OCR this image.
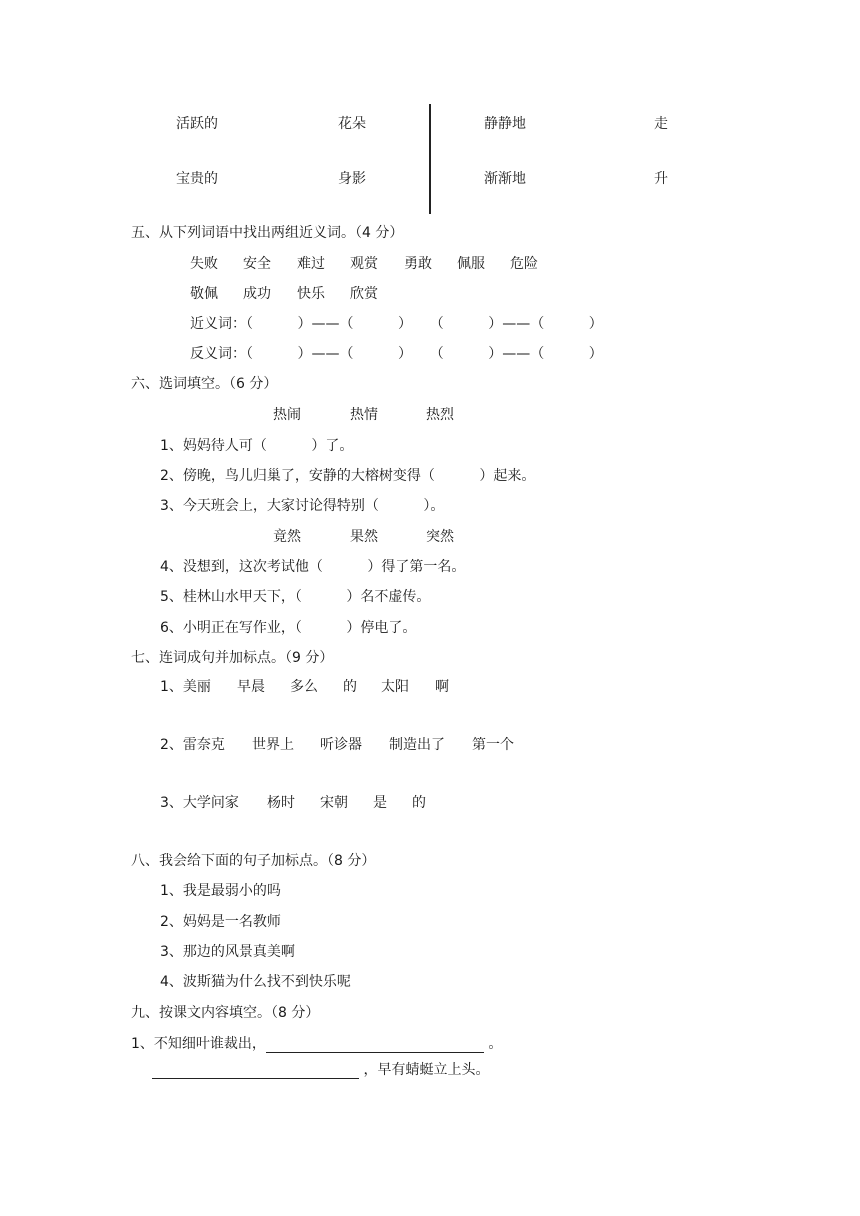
活跃的	花朵	静静地	走
宝贵的	身影	渐渐地	升
五、从下列词语中找出两组近义词。（4 分）
失败 安全 难过 观赏 勇敢 佩服 危险
敬佩 成功 快乐 欣赏
近义词：（          ）——（          ）    （          ）——（          ）
反义词：（          ）——（          ）    （          ）——（          ）
六、选词填空。（6 分）
热闹	热情	热烈
1、妈妈待人可（          ）了。
2、傍晚，鸟儿归巢了，安静的大榕树变得（          ）起来。
3、今天班会上，大家讨论得特别（          ）。
竟然	果然	突然
4、没想到，这次考试他（          ）得了第一名。
5、桂林山水甲天下，（          ）名不虚传。
6、小明正在写作业，（          ）停电了。
七、连词成句并加标点。（9 分）
1、美丽 早晨 多么 的 太阳 啊
2、雷奈克 世界上 听诊器 制造出了 第一个
3、大学问家 杨时 宋朝 是 的
八、我会给下面的句子加标点。（8 分）
1、我是最弱小的吗
2、妈妈是一名教师
3、那边的风景真美啊
4、波斯猫为什么找不到快乐呢
九、按课文内容填空。（8 分）
1、不知细叶谁裁出，	。
，早有蜻蜓立上头。
